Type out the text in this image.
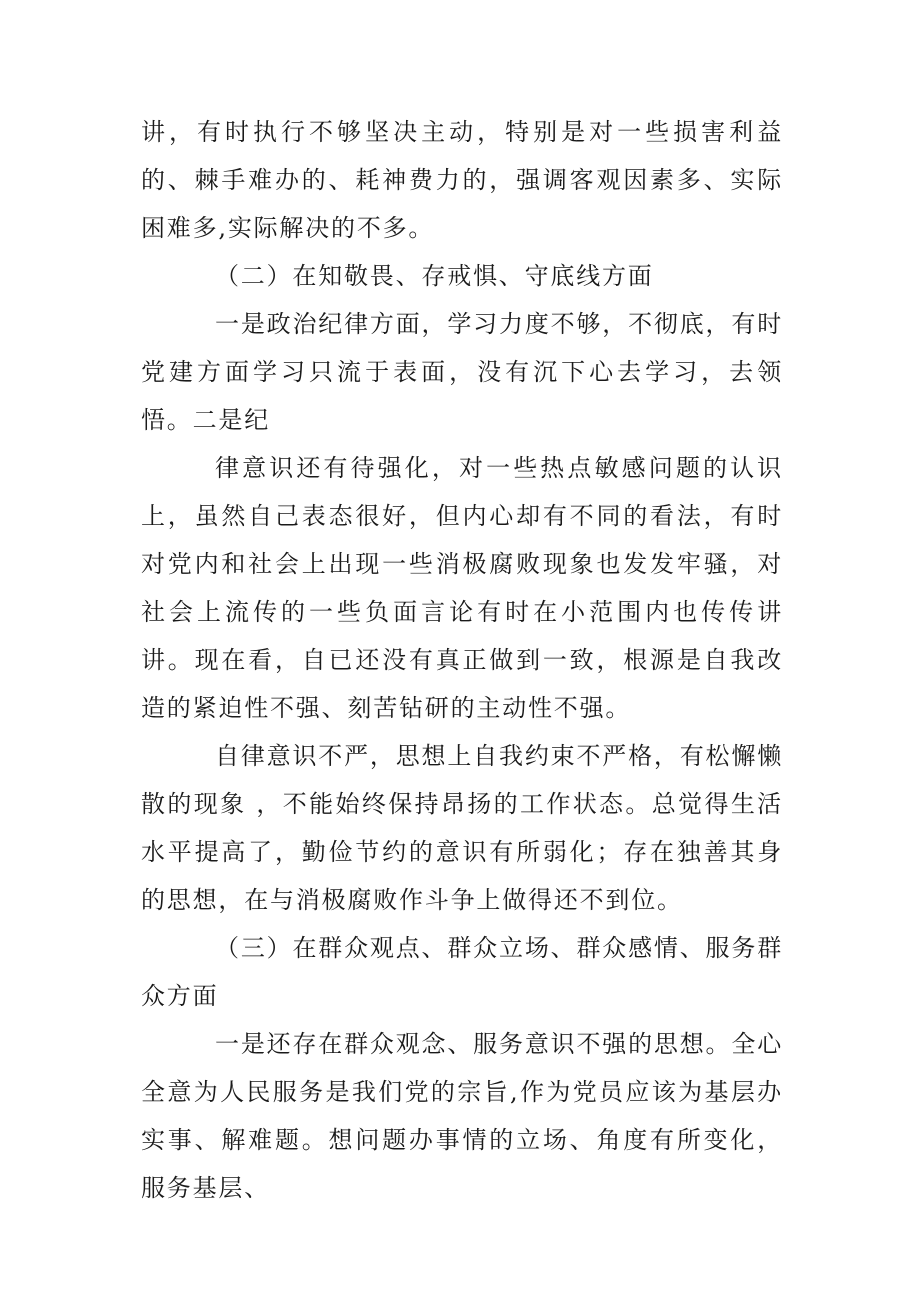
讲，有时执行不够坚决主动，特别是对一些损害利益的、棘手难办的、耗神费力的，强调客观因素多、实际困难多,实际解决的不多。

（二）在知敬畏、存戒惧、守底线方面

一是政治纪律方面，学习力度不够，不彻底，有时党建方面学习只流于表面，没有沉下心去学习，去领悟。二是纪

律意识还有待强化，对一些热点敏感问题的认识上，虽然自己表态很好，但内心却有不同的看法，有时对党内和社会上出现一些消极腐败现象也发发牢骚，对社会上流传的一些负面言论有时在小范围内也传传讲讲。现在看，自已还没有真正做到一致，根源是自我改造的紧迫性不强、刻苦钻研的主动性不强。

自律意识不严，思想上自我约束不严格，有松懈懒散的现象 ，不能始终保持昂扬的工作状态。总觉得生活水平提高了，勤俭节约的意识有所弱化；存在独善其身的思想，在与消极腐败作斗争上做得还不到位。

（三）在群众观点、群众立场、群众感情、服务群众方面

一是还存在群众观念、服务意识不强的思想。全心全意为人民服务是我们党的宗旨,作为党员应该为基层办实事、解难题。想问题办事情的立场、角度有所变化，服务基层、
